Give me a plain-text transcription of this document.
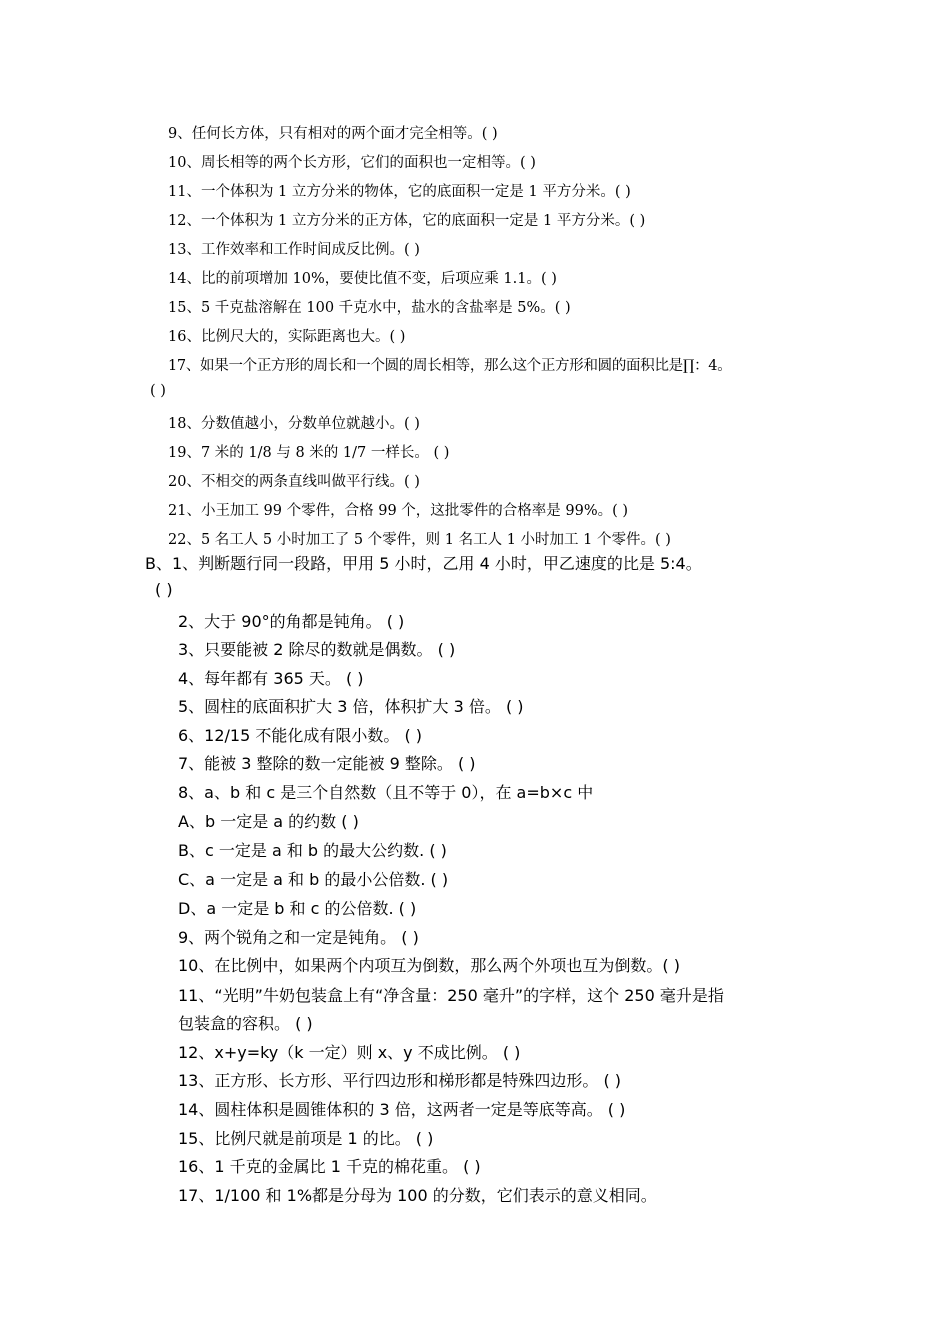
9、任何长方体，只有相对的两个面才完全相等。( )
10、周长相等的两个长方形，它们的面积也一定相等。( )
11、一个体积为 1 立方分米的物体，它的底面积一定是 1 平方分米。( )
12、一个体积为 1 立方分米的正方体，它的底面积一定是 1 平方分米。( )
13、工作效率和工作时间成反比例。( )
14、比的前项增加 10%，要使比值不变，后项应乘 1.1。( )
15、5 千克盐溶解在 100 千克水中，盐水的含盐率是 5%。( )
16、比例尺大的，实际距离也大。( )
17、如果一个正方形的周长和一个圆的周长相等，那么这个正方形和圆的面积比是∏：4。
( )
18、分数值越小，分数单位就越小。( )
19、7 米的 1/8 与 8 米的 1/7 一样长。 ( )
20、不相交的两条直线叫做平行线。( )
21、小王加工 99 个零件，合格 99 个，这批零件的合格率是 99%。( )
22、5 名工人 5 小时加工了 5 个零件，则 1 名工人 1 小时加工 1 个零件。( )
B、1、判断题行同一段路，甲用 5 小时，乙用 4 小时，甲乙速度的比是 5:4。
( )
2、大于 90°的角都是钝角。 ( )
3、只要能被 2 除尽的数就是偶数。 ( )
4、每年都有 365 天。 ( )
5、圆柱的底面积扩大 3 倍，体积扩大 3 倍。 ( )
6、12/15 不能化成有限小数。 ( )
7、能被 3 整除的数一定能被 9 整除。 ( )
8、a、b 和 c 是三个自然数（且不等于 0），在 a=b×c 中
A、b 一定是 a 的约数 ( )
B、c 一定是 a 和 b 的最大公约数. ( )
C、a 一定是 a 和 b 的最小公倍数. ( )
D、a 一定是 b 和 c 的公倍数. ( )
9、两个锐角之和一定是钝角。 ( )
10、在比例中，如果两个内项互为倒数，那么两个外项也互为倒数。( )
11、“光明”牛奶包装盒上有“净含量：250 毫升”的字样，这个 250 毫升是指
包装盒的容积。 ( )
12、x+y=ky（k 一定）则 x、y 不成比例。 ( )
13、正方形、长方形、平行四边形和梯形都是特殊四边形。 ( )
14、圆柱体积是圆锥体积的 3 倍，这两者一定是等底等高。 ( )
15、比例尺就是前项是 1 的比。 ( )
16、1 千克的金属比 1 千克的棉花重。 ( )
17、1/100 和 1%都是分母为 100 的分数，它们表示的意义相同。
